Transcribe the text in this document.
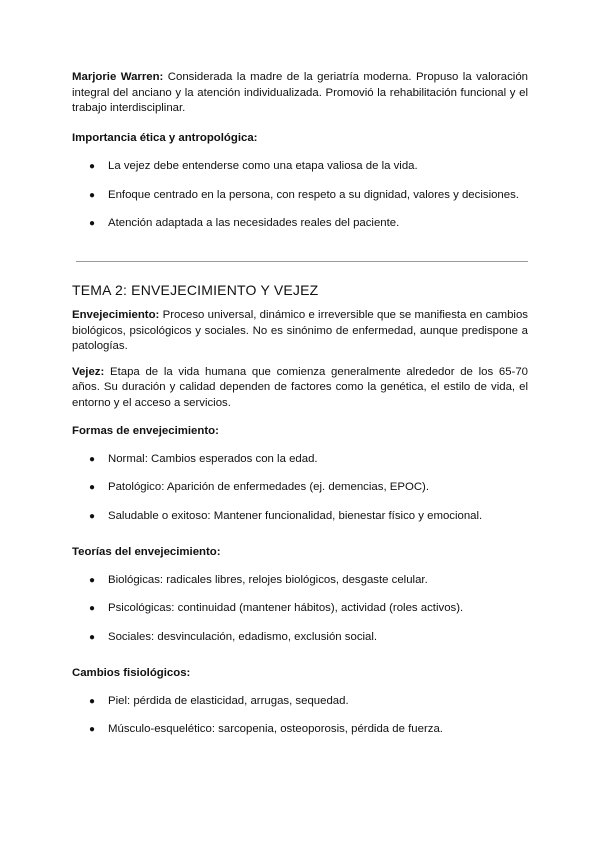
Marjorie Warren: Considerada la madre de la geriatría moderna. Propuso la valoración integral del anciano y la atención individualizada. Promovió la rehabilitación funcional y el trabajo interdisciplinar.

Importancia ética y antropológica:

● La vejez debe entenderse como una etapa valiosa de la vida.
● Enfoque centrado en la persona, con respeto a su dignidad, valores y decisiones.
● Atención adaptada a las necesidades reales del paciente.

TEMA 2: ENVEJECIMIENTO Y VEJEZ

Envejecimiento: Proceso universal, dinámico e irreversible que se manifiesta en cambios biológicos, psicológicos y sociales. No es sinónimo de enfermedad, aunque predispone a patologías.

Vejez: Etapa de la vida humana que comienza generalmente alrededor de los 65-70 años. Su duración y calidad dependen de factores como la genética, el estilo de vida, el entorno y el acceso a servicios.

Formas de envejecimiento:

● Normal: Cambios esperados con la edad.
● Patológico: Aparición de enfermedades (ej. demencias, EPOC).
● Saludable o exitoso: Mantener funcionalidad, bienestar físico y emocional.

Teorías del envejecimiento:

● Biológicas: radicales libres, relojes biológicos, desgaste celular.
● Psicológicas: continuidad (mantener hábitos), actividad (roles activos).
● Sociales: desvinculación, edadismo, exclusión social.

Cambios fisiológicos:

● Piel: pérdida de elasticidad, arrugas, sequedad.
● Músculo-esquelético: sarcopenia, osteoporosis, pérdida de fuerza.
